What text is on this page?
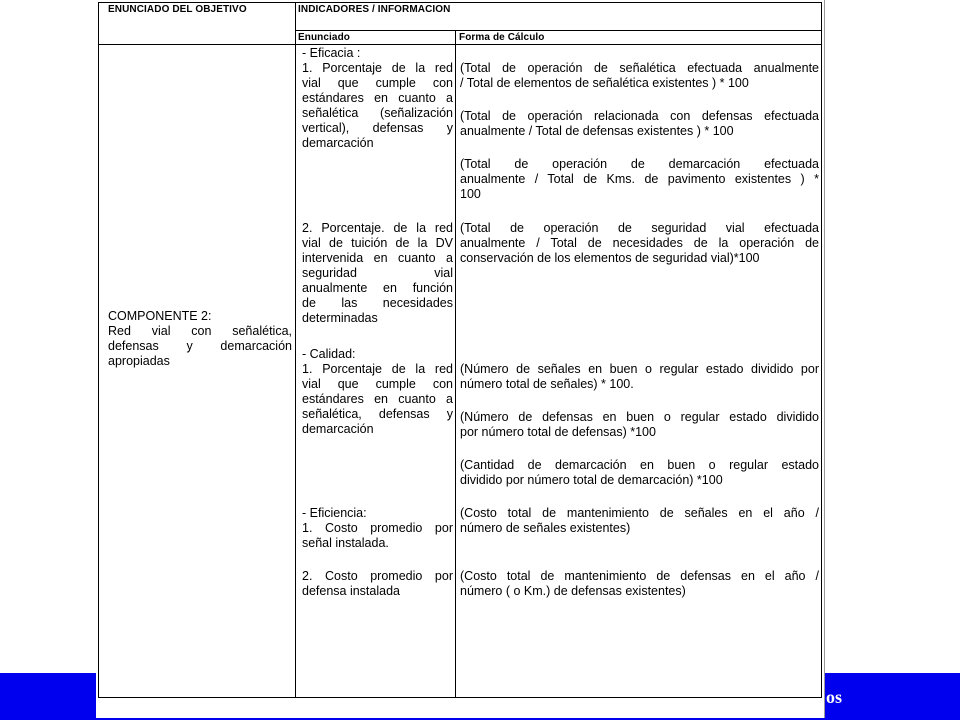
os
ENUNCIADO DEL OBJETIVO	INDICADORES / INFORMACION
Enunciado	Forma de Cálculo
COMPONENTE 2:
Red vial con señalética,
defensas y demarcación
apropiadas
- Eficacia :
1. Porcentaje de la red
vial que cumple con
estándares en cuanto a
señalética (señalización
vertical), defensas y
demarcación
2. Porcentaje. de la red
vial de tuición de la DV
intervenida en cuanto a
seguridad vial
anualmente en función
de las necesidades
determinadas
- Calidad:
1. Porcentaje de la red
vial que cumple con
estándares en cuanto a
señalética, defensas y
demarcación
- Eficiencia:
1. Costo promedio por
señal instalada.
2. Costo promedio por
defensa instalada
(Total de operación de señalética efectuada anualmente
/ Total de elementos de señalética existentes ) * 100
(Total de operación relacionada con defensas efectuada
anualmente / Total de defensas existentes ) * 100
(Total de operación de demarcación efectuada
anualmente / Total de Kms. de pavimento existentes ) *
100
(Total de operación de seguridad vial efectuada
anualmente / Total de necesidades de la operación de
conservación de los elementos de seguridad vial)*100
(Número de señales en buen o regular estado dividido por
número total de señales) * 100.
(Número de defensas en buen o regular estado dividido
por número total de defensas) *100
(Cantidad de demarcación en buen o regular estado
dividido por número total de demarcación) *100
(Costo total de mantenimiento de señales en el año /
número de señales existentes)
(Costo total de mantenimiento de defensas en el año /
número ( o Km.) de defensas existentes)
